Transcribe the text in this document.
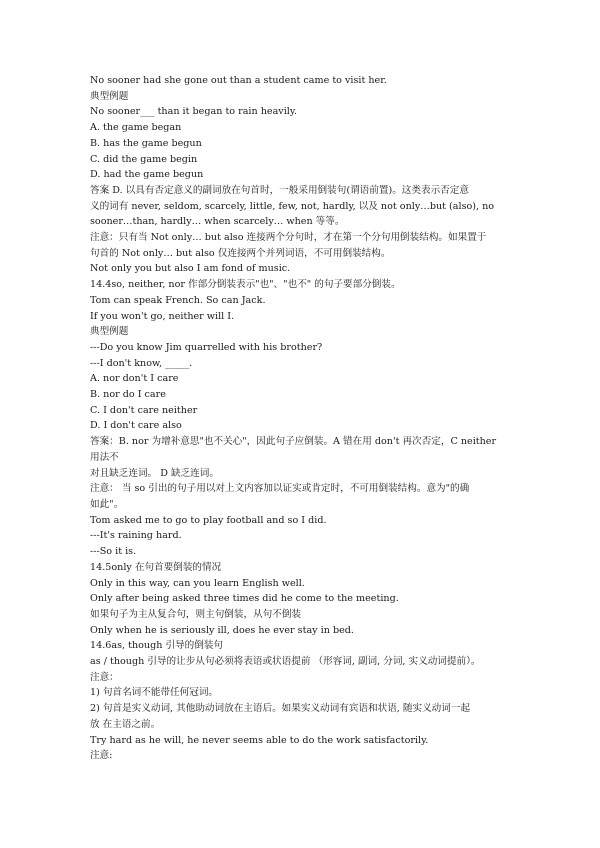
No sooner had she gone out than a student came to visit her.
典型例题
No sooner___ than it began to rain heavily.
A. the game began
B. has the game begun
C. did the game begin
D. had the game begun
答案 D. 以具有否定意义的副词放在句首时，一般采用倒装句(谓语前置)。这类表示否定意
义的词有 never, seldom, scarcely, little, few, not, hardly, 以及 not only…but (also), no
sooner…than, hardly… when scarcely… when 等等。
注意：只有当 Not only… but also 连接两个分句时，才在第一个分句用倒装结构。如果置于
句首的 Not only… but also 仅连接两个并列词语，不可用倒装结构。
Not only you but also I am fond of music.
14.4so, neither, nor 作部分倒装表示"也"、"也不" 的句子要部分倒装。
Tom can speak French. So can Jack.
If you won't go, neither will I.
典型例题
---Do you know Jim quarrelled with his brother?
---I don't know, _____.
A. nor don't I care
B. nor do I care
C. I don't care neither
D. I don't care also
答案：B. nor 为增补意思"也不关心"，因此句子应倒装。A 错在用 don't 再次否定，C neither
用法不
对且缺乏连词。 D 缺乏连词。
注意： 当 so 引出的句子用以对上文内容加以证实或肯定时，不可用倒装结构。意为"的确
如此"。
Tom asked me to go to play football and so I did.
---It's raining hard.
---So it is.
14.5only 在句首要倒装的情况
Only in this way, can you learn English well.
Only after being asked three times did he come to the meeting.
如果句子为主从复合句，则主句倒装，从句不倒装
Only when he is seriously ill, does he ever stay in bed.
14.6as, though 引导的倒装句
as / though 引导的让步从句必须将表语或状语提前 （形容词, 副词, 分词, 实义动词提前）。
注意：
1) 句首名词不能带任何冠词。
2) 句首是实义动词, 其他助动词放在主语后。如果实义动词有宾语和状语, 随实义动词一起
放 在主语之前。
Try hard as he will, he never seems able to do the work satisfactorily.
注意:
